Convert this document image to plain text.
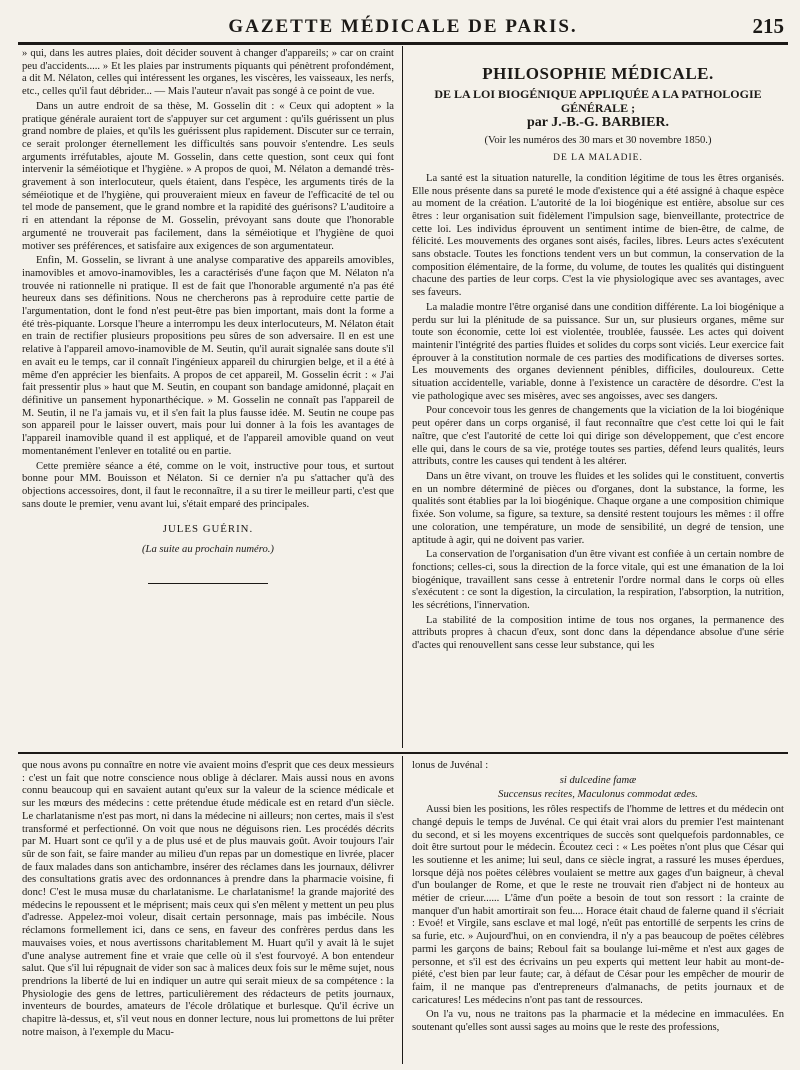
GAZETTE MÉDICALE DE PARIS.	215

» qui, dans les autres plaies, doit décider souvent à changer d'appareils; » car on craint peu d'accidents..... » Et les plaies par instruments piquants qui pénètrent profondément, a dit M. Nélaton, celles qui intéressent les organes, les viscères, les vaisseaux, les nerfs, etc., celles qu'il faut débrider... — Mais l'auteur n'avait pas songé à ce point de vue.

Dans un autre endroit de sa thèse, M. Gosselin dit : « Ceux qui adoptent » la pratique générale auraient tort de s'appuyer sur cet argument : qu'ils guérissent un plus grand nombre de plaies, et qu'ils les guérissent plus rapidement. Discuter sur ce terrain, ce serait prolonger éternellement les difficultés sans pouvoir s'entendre. Les seuls arguments irréfutables, ajoute M. Gosselin, dans cette question, sont ceux qui font intervenir la séméiotique et l'hygiène. » A propos de quoi, M. Nélaton a demandé très-gravement à son interlocuteur, quels étaient, dans l'espèce, les arguments tirés de la séméiotique et de l'hygiène, qui prouveraient mieux en faveur de l'efficacité de tel ou tel mode de pansement, que le grand nombre et la rapidité des guérisons? L'auditoire a ri en attendant la réponse de M. Gosselin, prévoyant sans doute que l'honorable argumenté ne trouverait pas facilement, dans la séméiotique et l'hygiène de quoi motiver ses préférences, et satisfaire aux exigences de son argumentateur.

Enfin, M. Gosselin, se livrant à une analyse comparative des appareils amovibles, inamovibles et amovo-inamovibles, les a caractérisés d'une façon que M. Nélaton n'a trouvée ni rationnelle ni pratique. Il est de fait que l'honorable argumenté n'a pas été heureux dans ses définitions. Nous ne chercherons pas à reproduire cette partie de l'argumentation, dont le fond n'est peut-être pas bien important, mais dont la forme a été très-piquante. Lorsque l'heure a interrompu les deux interlocuteurs, M. Nélaton était en train de rectifier plusieurs propositions peu sûres de son adversaire. Il en est une relative à l'appareil amovo-inamovible de M. Seutin, qu'il aurait signalée sans doute s'il en avait eu le temps, car il connaît l'ingénieux appareil du chirurgien belge, et il a été à même d'en apprécier les bienfaits. A propos de cet appareil, M. Gosselin écrit : « J'ai fait pressentir plus » haut que M. Seutin, en coupant son bandage amidonné, plaçait en définitive un pansement hyponarthécique. » M. Gosselin ne connaît pas l'appareil de M. Seutin, il ne l'a jamais vu, et il s'en fait la plus fausse idée. M. Seutin ne coupe pas son appareil pour le laisser ouvert, mais pour lui donner à la fois les avantages de l'appareil inamovible quand il est appliqué, et de l'appareil amovible quand on veut momentanément l'enlever en totalité ou en partie.

Cette première séance a été, comme on le voit, instructive pour tous, et surtout bonne pour MM. Bouisson et Nélaton. Si ce dernier n'a pu s'attacher qu'à des objections accessoires, dont, il faut le reconnaître, il a su tirer le meilleur parti, c'est que sans doute le premier, venu avant lui, s'était emparé des principales.

JULES GUÉRIN.
(La suite au prochain numéro.)
PHILOSOPHIE MÉDICALE.
DE LA LOI BIOGÉNIQUE APPLIQUÉE A LA PATHOLOGIE GÉNÉRALE ;
par J.-B.-G. BARBIER.
(Voir les numéros des 30 mars et 30 novembre 1850.)
DE LA MALADIE.

La santé est la situation naturelle, la condition légitime de tous les êtres organisés. Elle nous présente dans sa pureté le mode d'existence qui a été assigné à chaque espèce au moment de la création. L'autorité de la loi biogénique est entière, absolue sur ces êtres : leur organisation suit fidèlement l'impulsion sage, bienveillante, protectrice de cette loi. Les individus éprouvent un sentiment intime de bien-être, de calme, de félicité. Les mouvements des organes sont aisés, faciles, libres. Leurs actes s'exécutent sans obstacle. Toutes les fonctions tendent vers un but commun, la conservation de la composition élémentaire, de la forme, du volume, de toutes les qualités qui distinguent chacune des parties de leur corps. C'est la vie physiologique avec ses avantages, avec ses faveurs.

La maladie montre l'être organisé dans une condition différente. La loi biogénique a perdu sur lui la plénitude de sa puissance. Sur un, sur plusieurs organes, même sur toute son économie, cette loi est violentée, troublée, faussée. Les actes qui doivent maintenir l'intégrité des parties fluides et solides du corps sont viciés. Leur exercice fait éprouver à la constitution normale de ces parties des modifications de diverses sortes. Les mouvements des organes deviennent pénibles, difficiles, douloureux. Cette situation accidentelle, variable, donne à l'existence un caractère de désordre. C'est la vie pathologique avec ses misères, avec ses angoisses, avec ses dangers.

Pour concevoir tous les genres de changements que la viciation de la loi biogénique peut opérer dans un corps organisé, il faut reconnaître que c'est cette loi qui le fait naître, que c'est l'autorité de cette loi qui dirige son développement, que c'est encore elle qui, dans le cours de sa vie, protége toutes ses parties, défend leurs qualités, leurs attributs, contre les causes qui tendent à les altérer.

Dans un être vivant, on trouve les fluides et les solides qui le constituent, convertis en un nombre déterminé de pièces ou d'organes, dont la substance, la forme, les qualités sont établies par la loi biogénique. Chaque organe a une composition chimique fixée. Son volume, sa figure, sa texture, sa densité restent toujours les mêmes : il offre une coloration, une température, un mode de sensibilité, un degré de tension, une aptitude à agir, qui ne doivent pas varier.

La conservation de l'organisation d'un être vivant est confiée à un certain nombre de fonctions; celles-ci, sous la direction de la force vitale, qui est une émanation de la loi biogénique, travaillent sans cesse à entretenir l'ordre normal dans le corps où elles s'exécutent : ce sont la digestion, la circulation, la respiration, l'absorption, la nutrition, les sécrétions, l'innervation.

La stabilité de la composition intime de tous nos organes, la permanence des attributs propres à chacun d'eux, sont donc dans la dépendance absolue d'une série d'actes qui renouvellent sans cesse leur substance, qui les

que nous avons pu connaître en notre vie avaient moins d'esprit que ces deux messieurs : c'est un fait que notre conscience nous oblige à déclarer. Mais aussi nous en avons connu beaucoup qui en savaient autant qu'eux sur la valeur de la science médicale et sur les mœurs des médecins : cette prétendue étude médicale est en retard d'un siècle. Le charlatanisme n'est pas mort, ni dans la médecine ni ailleurs; non certes, mais il s'est transformé et perfectionné. On voit que nous ne déguisons rien. Les procédés décrits par M. Huart sont ce qu'il y a de plus usé et de plus mauvais goût. Avoir toujours l'air sûr de son fait, se faire mander au milieu d'un repas par un domestique en livrée, placer de faux malades dans son antichambre, insérer des réclames dans les journaux, délivrer des consultations gratis avec des ordonnances à prendre dans la pharmacie voisine, fi donc! C'est le musa musæ du charlatanisme. Le charlatanisme! la grande majorité des médecins le repoussent et le méprisent; mais ceux qui s'en mêlent y mettent un peu plus d'adresse. Appelez-moi voleur, disait certain personnage, mais pas imbécile. Nous réclamons formellement ici, dans ce sens, en faveur des confrères perdus dans les mauvaises voies, et nous avertissons charitablement M. Huart qu'il y avait là le sujet d'une analyse autrement fine et vraie que celle où il s'est fourvoyé. A bon entendeur salut. Que s'il lui répugnait de vider son sac à malices deux fois sur le même sujet, nous prendrions la liberté de lui en indiquer un autre qui serait mieux de sa compétence : la Physiologie des gens de lettres, particulièrement des rédacteurs de petits journaux, inventeurs de bourdes, amateurs de l'école drôlatique et burlesque. Qu'il écrive un chapitre là-dessus, et, s'il veut nous en donner lecture, nous lui promettons de lui prêter notre maison, à l'exemple du Macu-

lonus de Juvénal :

si dulcedine famæ
Succensus recites, Maculonus commodat ædes.

Aussi bien les positions, les rôles respectifs de l'homme de lettres et du médecin ont changé depuis le temps de Juvénal. Ce qui était vrai alors du premier l'est maintenant du second, et si les moyens excentriques de succès sont quelquefois pardonnables, ce doit être surtout pour le médecin. Écoutez ceci : « Les poëtes n'ont plus que César qui les soutienne et les anime; lui seul, dans ce siècle ingrat, a rassuré les muses éperdues, lorsque déjà nos poëtes célèbres voulaient se mettre aux gages d'un baigneur, à cheval d'un boulanger de Rome, et que le reste ne trouvait rien d'abject ni de honteux au métier de crieur...... L'âme d'un poëte a besoin de tout son ressort : la crainte de manquer d'un habit amortirait son feu.... Horace était chaud de falerne quand il s'écriait : Evoé! et Virgile, sans esclave et mal logé, n'eût pas entortillé de serpents les crins de sa furie, etc. » Aujourd'hui, on en conviendra, il n'y a pas beaucoup de poëtes célèbres parmi les garçons de bains; Reboul fait sa boulange lui-même et n'est aux gages de personne, et s'il est des écrivains un peu experts qui mettent leur habit au mont-de-piété, c'est bien par leur faute; car, à défaut de César pour les empêcher de mourir de faim, il ne manque pas d'entrepreneurs d'almanachs, de petits journaux et de caricatures! Les médecins n'ont pas tant de ressources.

On l'a vu, nous ne traitons pas la pharmacie et la médecine en immaculées. En soutenant qu'elles sont aussi sages au moins que le reste des professions,
